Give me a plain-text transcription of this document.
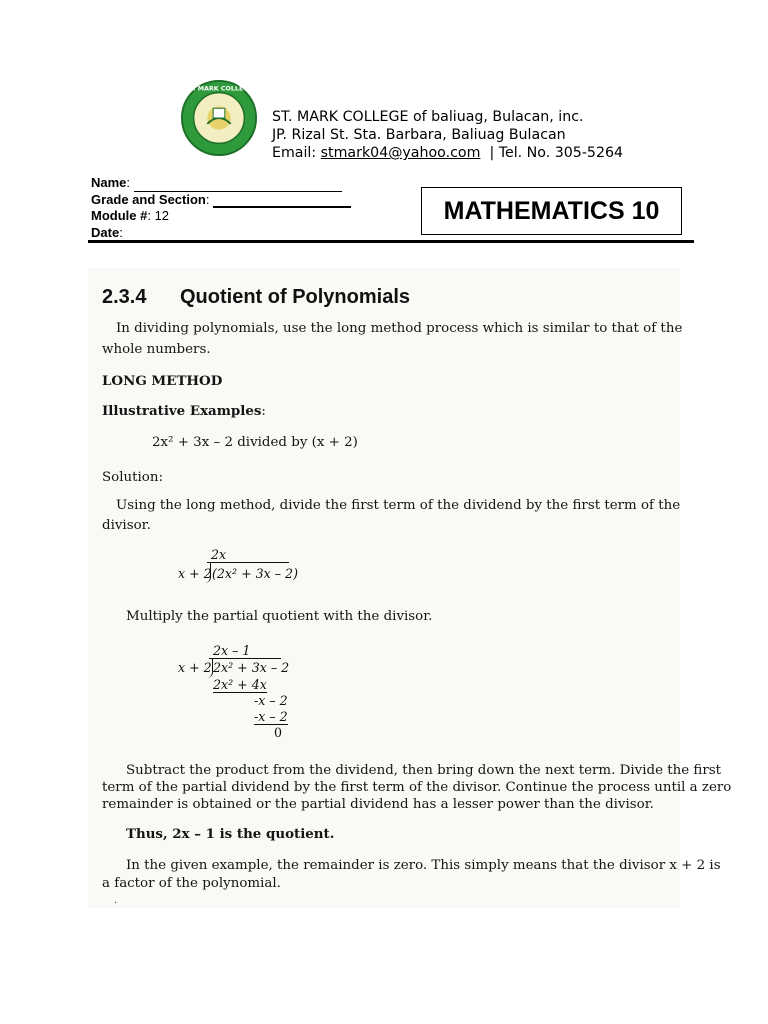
ST. MARK COLLEGE
ST. MARK COLLEGE of baliuag, Bulacan, inc.
JP. Rizal St. Sta. Barbara, Baliuag Bulacan
Email: stmark04@yahoo.com  | Tel. No. 305-5264
Name :

Grade and Section :

Module # : 12
Date :

MATHEMATICS 10
2.3.4 Quotient of Polynomials
In dividing polynomials, use the long method process which is similar to that of the
whole numbers.
LONG METHOD
Illustrative Examples:
2x² + 3x – 2 divided by (x + 2)
Solution:
Using the long method, divide the first term of the dividend by the first term of the
divisor.
2x
x + 2 (2x² + 3x – 2)
Multiply the partial quotient with the divisor.
2x – 1
x + 2 2x² + 3x – 2
2x² + 4x
-x – 2
-x – 2
0
Subtract the product from the dividend, then bring down the next term. Divide the first
term of the partial dividend by the first term of the divisor. Continue the process until a zero
remainder is obtained or the partial dividend has a lesser power than the divisor.
Thus, 2x – 1 is the quotient.
In the given example, the remainder is zero. This simply means that the divisor x + 2 is
a factor of the polynomial.
·
